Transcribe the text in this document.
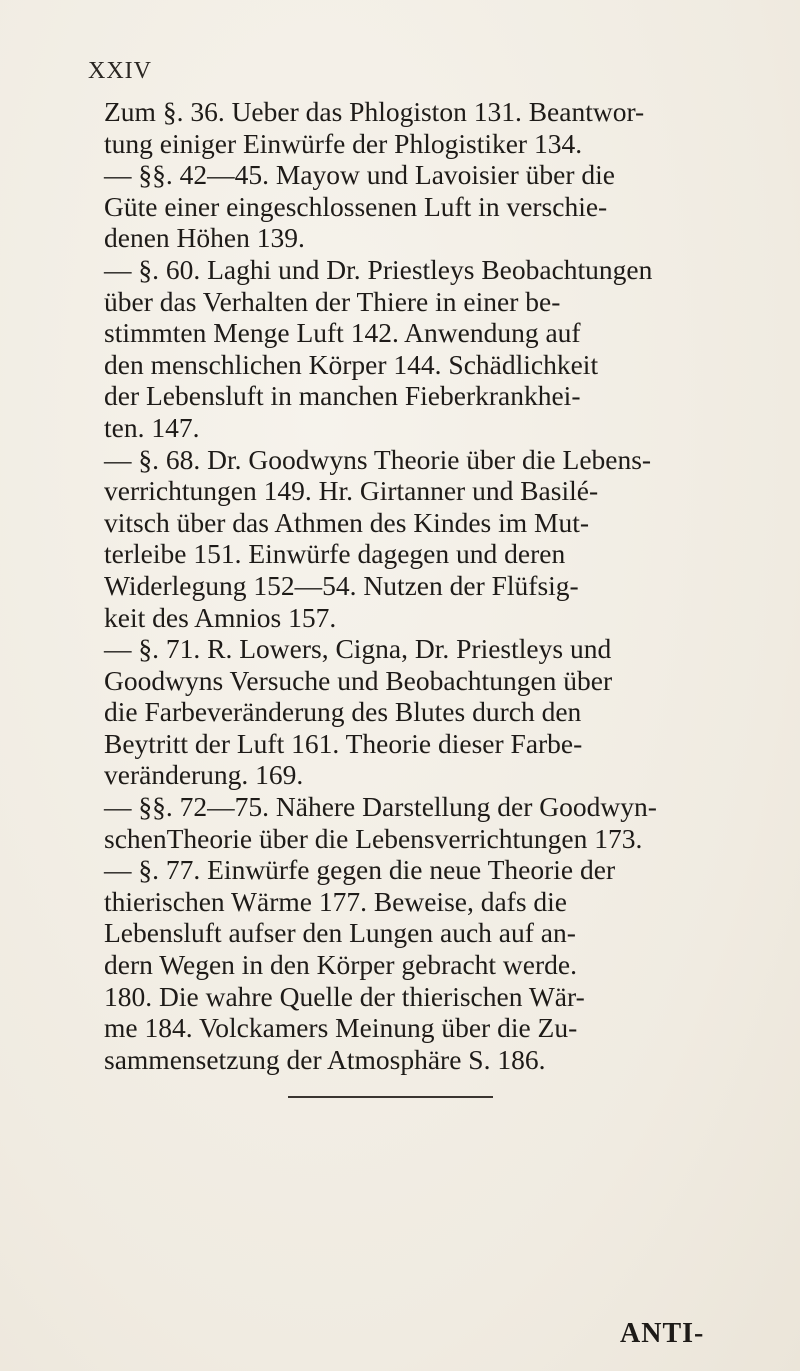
XXIV

Zum §. 36. Ueber das Phlogiston 131. Beantwor-
tung einiger Einwürfe der Phlogistiker 134.

— §§. 42—45. Mayow und Lavoisier über die
Güte einer eingeschlossenen Luft in verschie-
denen Höhen 139.

— §. 60. Laghi und Dr. Priestleys Beobachtungen
über das Verhalten der Thiere in einer be-
stimmten Menge Luft 142. Anwendung auf
den menschlichen Körper 144. Schädlichkeit
der Lebensluft in manchen Fieberkrankhei-
ten. 147.

— §. 68. Dr. Goodwyns Theorie über die Lebens-
verrichtungen 149. Hr. Girtanner und Basilé-
vitsch über das Athmen des Kindes im Mut-
terleibe 151. Einwürfe dagegen und deren
Widerlegung 152—54. Nutzen der Flüfsig-
keit des Amnios 157.

— §. 71. R. Lowers, Cigna, Dr. Priestleys und
Goodwyns Versuche und Beobachtungen über
die Farbeveränderung des Blutes durch den
Beytritt der Luft 161. Theorie dieser Farbe-
veränderung. 169.

— §§. 72—75. Nähere Darstellung der Goodwyn-
schenTheorie über die Lebensverrichtungen 173.

— §. 77. Einwürfe gegen die neue Theorie der
thierischen Wärme 177. Beweise, dafs die
Lebensluft aufser den Lungen auch auf an-
dern Wegen in den Körper gebracht werde.
180. Die wahre Quelle der thierischen Wär-
me 184. Volckamers Meinung über die Zu-
sammensetzung der Atmosphäre S. 186.

ANTI-
